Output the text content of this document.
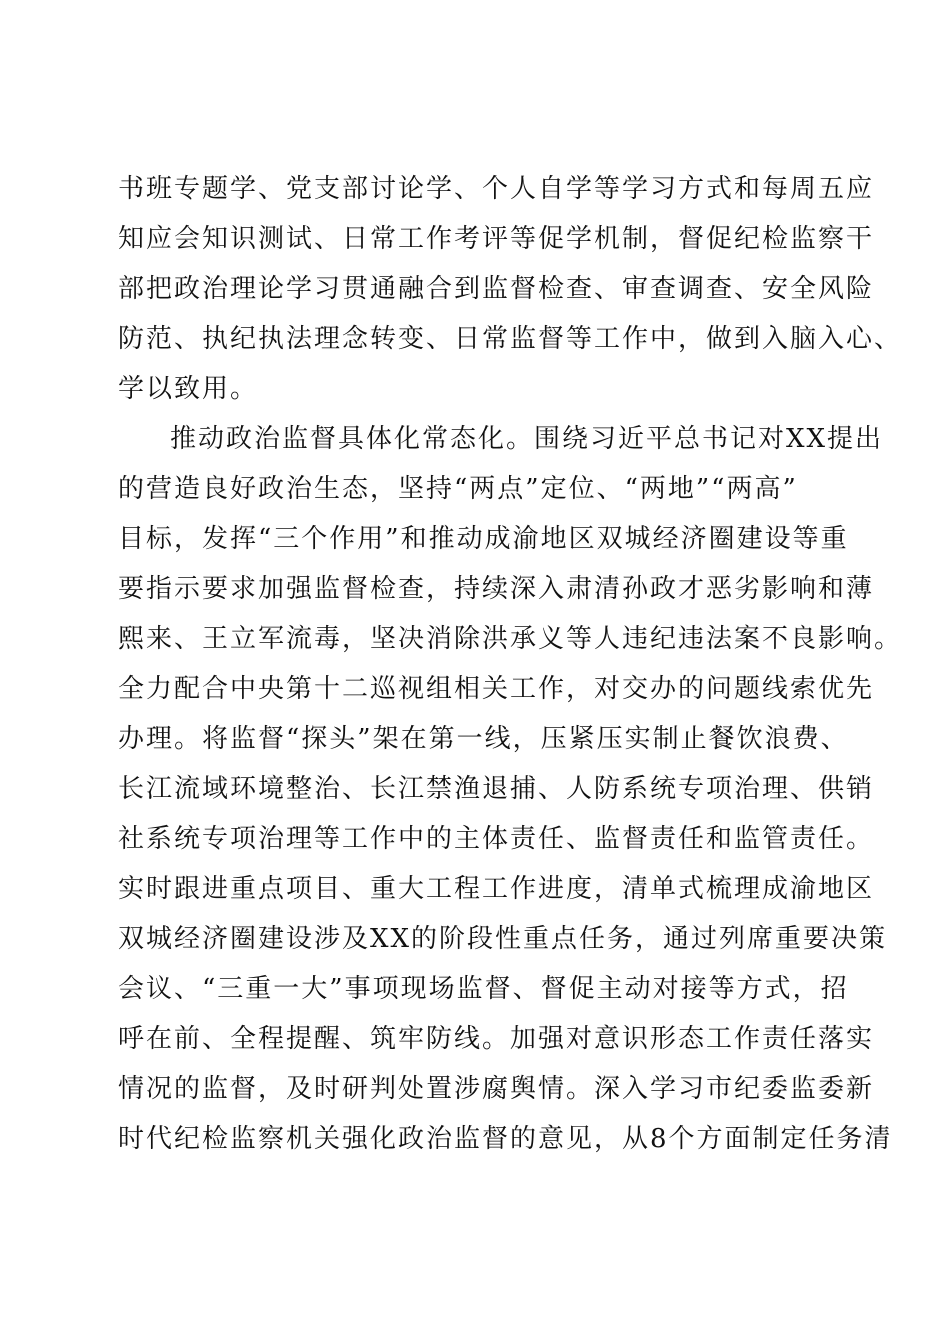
书班专题学、党支部讨论学、个人自学等学习方式和每周五应
知应会知识测试、日常工作考评等促学机制，督促纪检监察干
部把政治理论学习贯通融合到监督检查、审查调查、安全风险
防范、执纪执法理念转变、日常监督等工作中，做到入脑入心、
学以致用。
推动政治监督具体化常态化。围绕习近平总书记对XX提出
的营造良好政治生态，坚持“两点”定位、“两地”“两高”
目标，发挥“三个作用”和推动成渝地区双城经济圈建设等重
要指示要求加强监督检查，持续深入肃清孙政才恶劣影响和薄
熙来、王立军流毒，坚决消除洪承义等人违纪违法案不良影响。
全力配合中央第十二巡视组相关工作，对交办的问题线索优先
办理。将监督“探头”架在第一线，压紧压实制止餐饮浪费、
长江流域环境整治、长江禁渔退捕、人防系统专项治理、供销
社系统专项治理等工作中的主体责任、监督责任和监管责任。
实时跟进重点项目、重大工程工作进度，清单式梳理成渝地区
双城经济圈建设涉及XX的阶段性重点任务，通过列席重要决策
会议、“三重一大”事项现场监督、督促主动对接等方式，招
呼在前、全程提醒、筑牢防线。加强对意识形态工作责任落实
情况的监督，及时研判处置涉腐舆情。深入学习市纪委监委新
时代纪检监察机关强化政治监督的意见，从8个方面制定任务清
